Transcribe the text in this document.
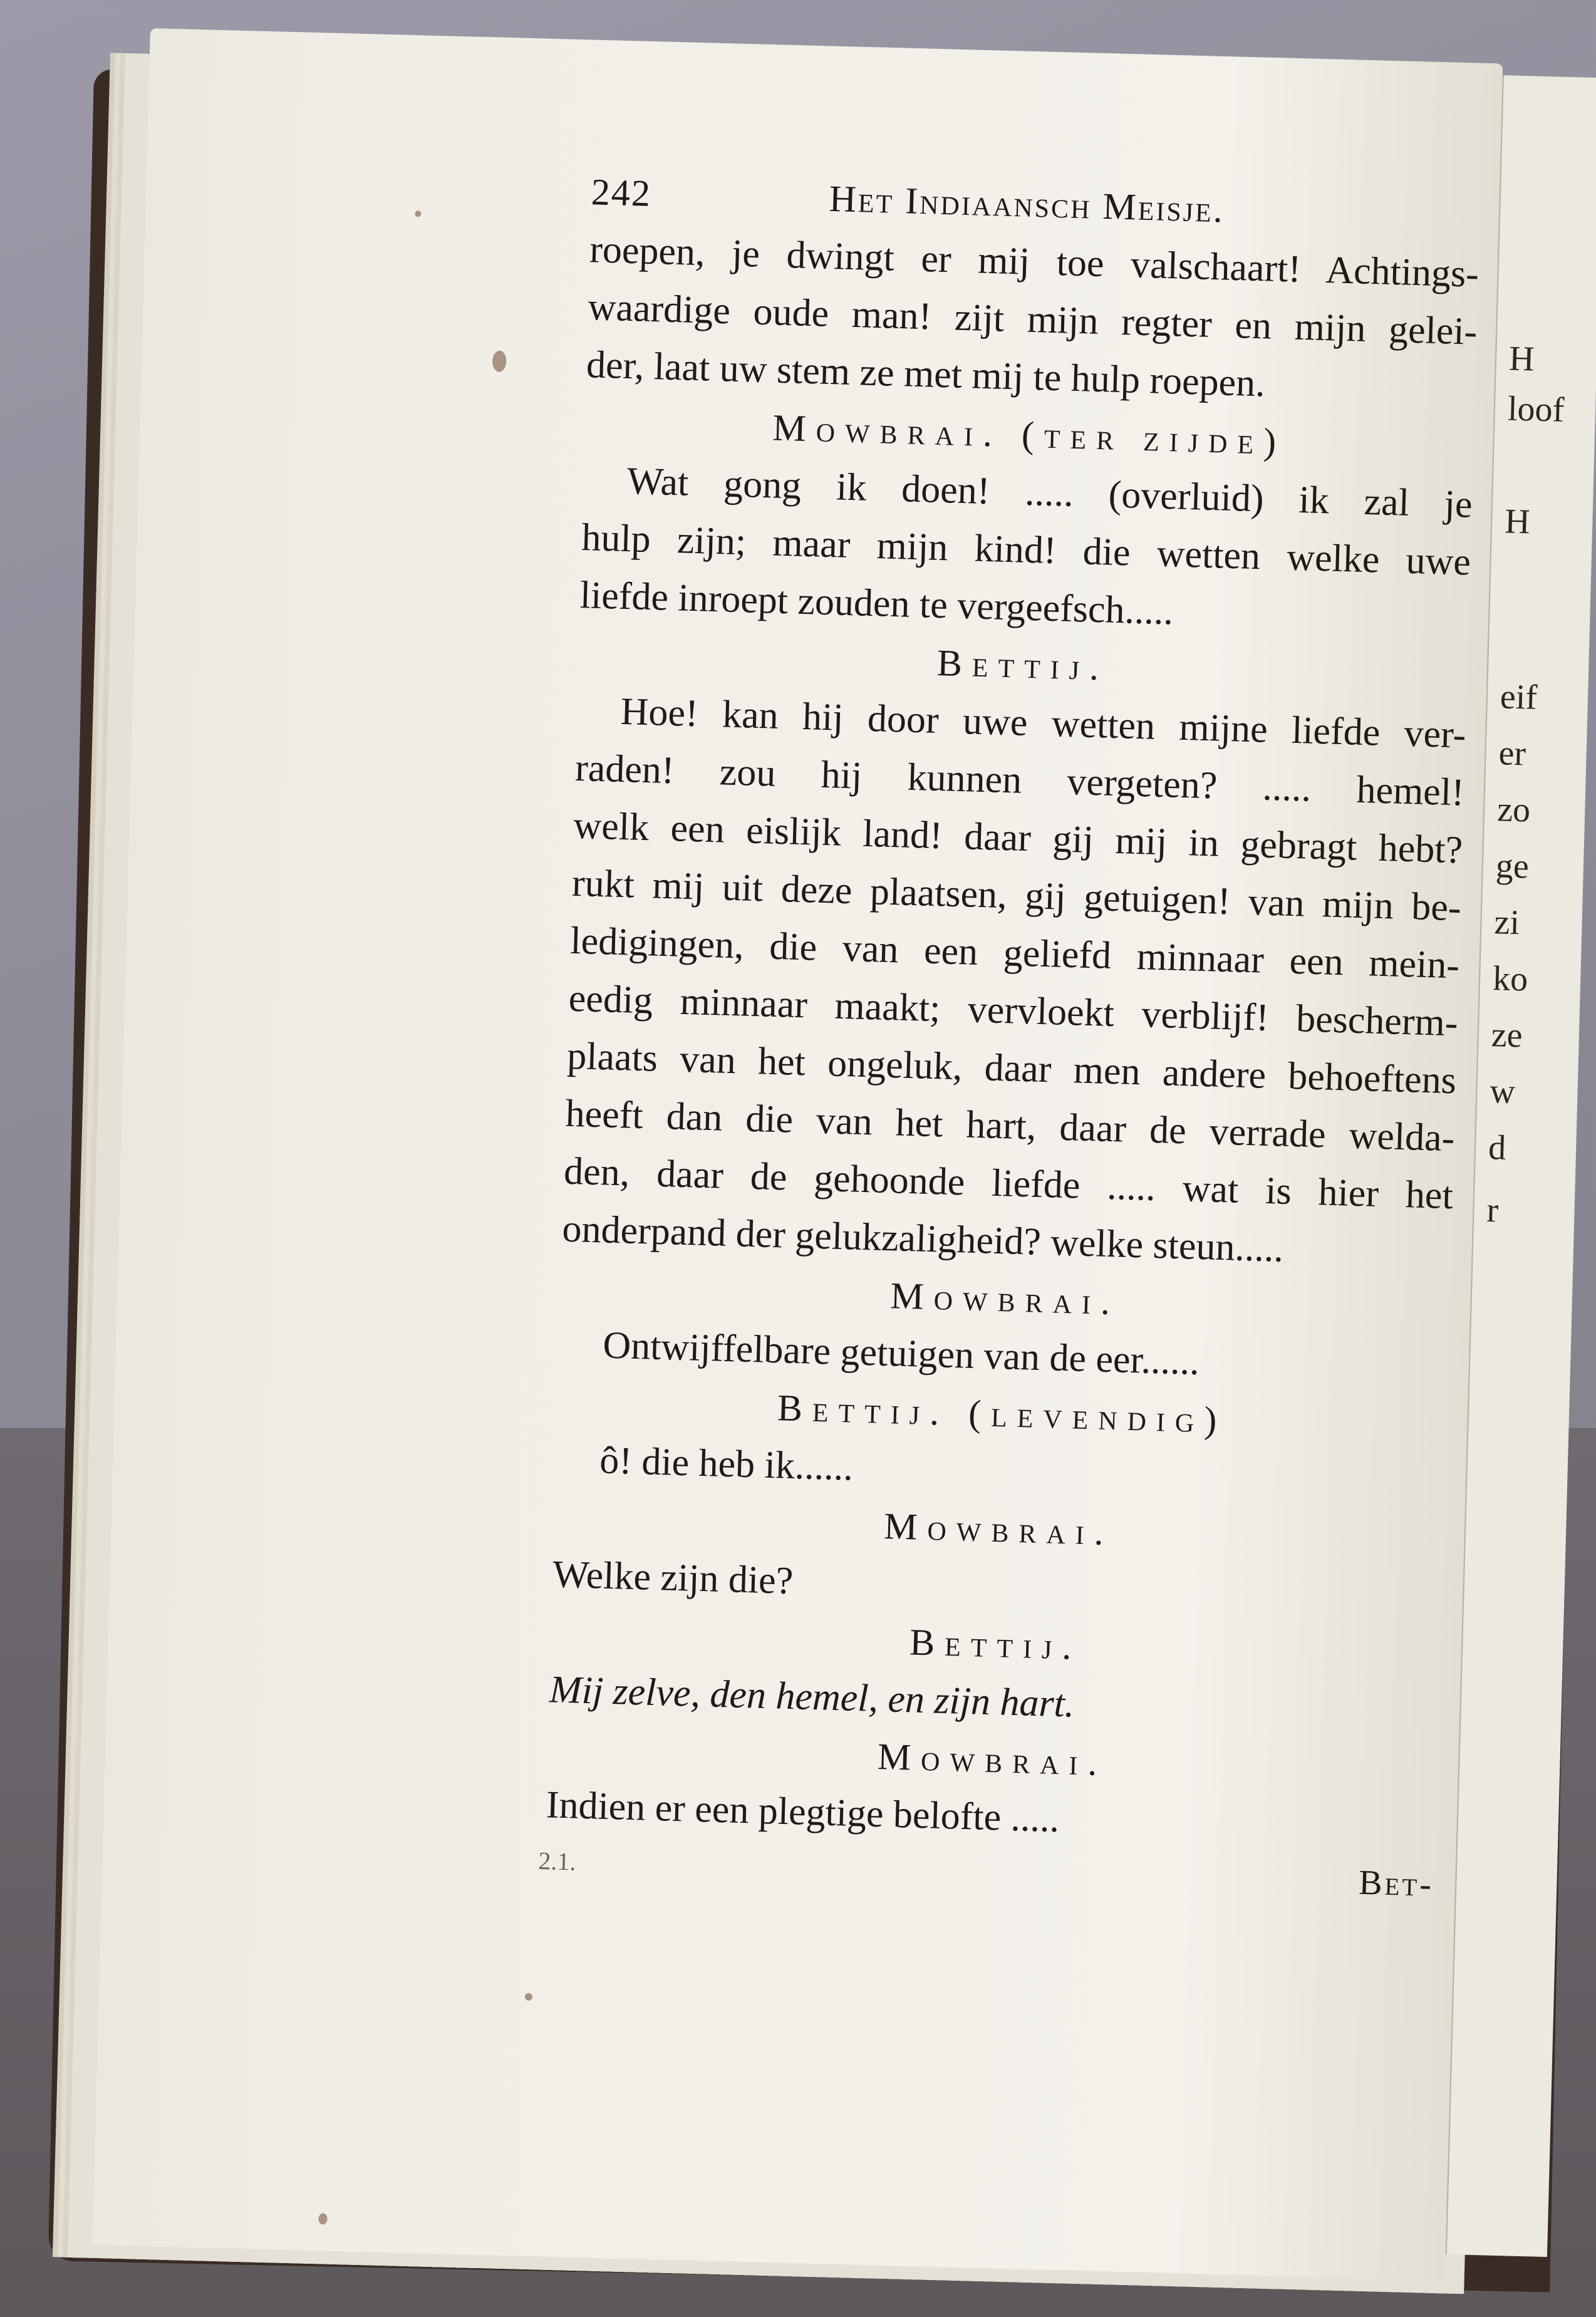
H
loof
H
eif
er
zo
ge
zi
ko
ze
w
d
r
242	Het Indiaansch Meisje.
roepen, je dwingt er mij toe valschaart! Achtings-
waardige oude man! zijt mijn regter en mijn gelei-
der, laat uw stem ze met mij te hulp roepen.
Mowbrai. (ter zijde)
Wat gong ik doen! ..... (overluid) ik zal je
hulp zijn; maar mijn kind! die wetten welke uwe
liefde inroept zouden te vergeefsch.....
Bettij.
Hoe! kan hij door uwe wetten mijne liefde ver-
raden! zou hij kunnen vergeten? ..... hemel!
welk een eislijk land! daar gij mij in gebragt hebt?
rukt mij uit deze plaatsen, gij getuigen! van mijn be-
ledigingen, die van een geliefd minnaar een mein-
eedig minnaar maakt; vervloekt verblijf! bescherm-
plaats van het ongeluk, daar men andere behoeftens
heeft dan die van het hart, daar de verrade welda-
den, daar de gehoonde liefde ..... wat is hier het
onderpand der gelukzaligheid? welke steun.....
Mowbrai.
Ontwijffelbare getuigen van de eer......
Bettij. (levendig)
ô! die heb ik......
Mowbrai.
Welke zijn die?
Bettij.
Mij zelve, den hemel, en zijn hart.
Mowbrai.
Indien er een plegtige belofte .....
2.1.
Bet-
